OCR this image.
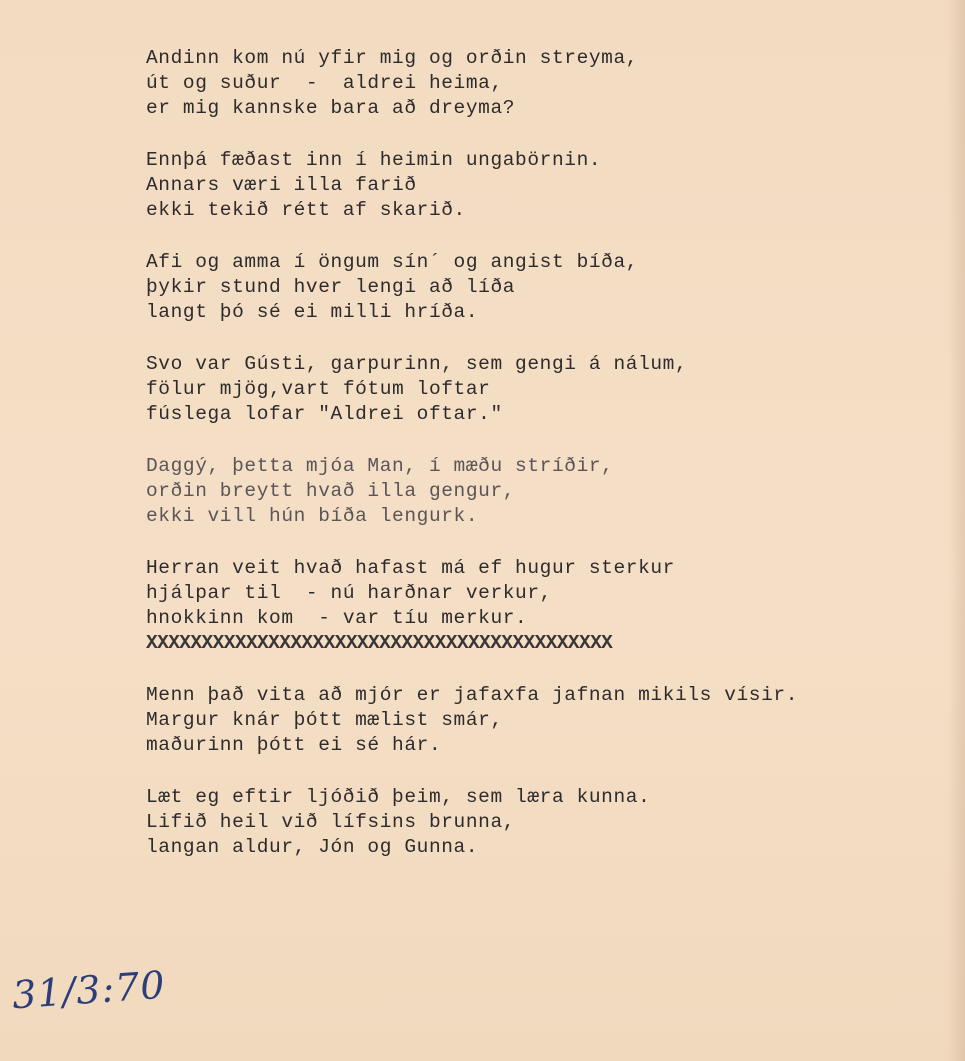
Andinn kom nú yfir mig og orðin streyma,
út og suður  -  aldrei heima,
er mig kannske bara að dreyma?
Ennþá fæðast inn í heimin ungabörnin.
Annars væri illa farið
ekki tekið rétt af skarið.
Afi og amma í öngum sín´ og angist bíða,
þykir stund hver lengi að líða
langt þó sé ei milli hríða.
Svo var Gústi, garpurinn, sem gengi á nálum,
fölur mjög,vart fótum loftar
fúslega lofar "Aldrei oftar."
Daggý, þetta mjóa Man, í mæðu stríðir,
orðin breytt hvað illa gengur,
ekki vill hún bíða lengurk.
Herran veit hvað hafast má ef hugur sterkur
hjálpar til  - nú harðnar verkur,
hnokkinn kom  - var tíu merkur.
XXXXXXXXXXXXXXXXXXXXXXXXXXXXXXXXXXXXXXXXXX
Menn það vita að mjór er jafaxfa jafnan mikils vísir.
Margur knár þótt mælist smár,
maðurinn þótt ei sé hár.
Læt eg eftir ljóðið þeim, sem læra kunna.
Lifið heil við lífsins brunna,
langan aldur, Jón og Gunna.
31/3:70
